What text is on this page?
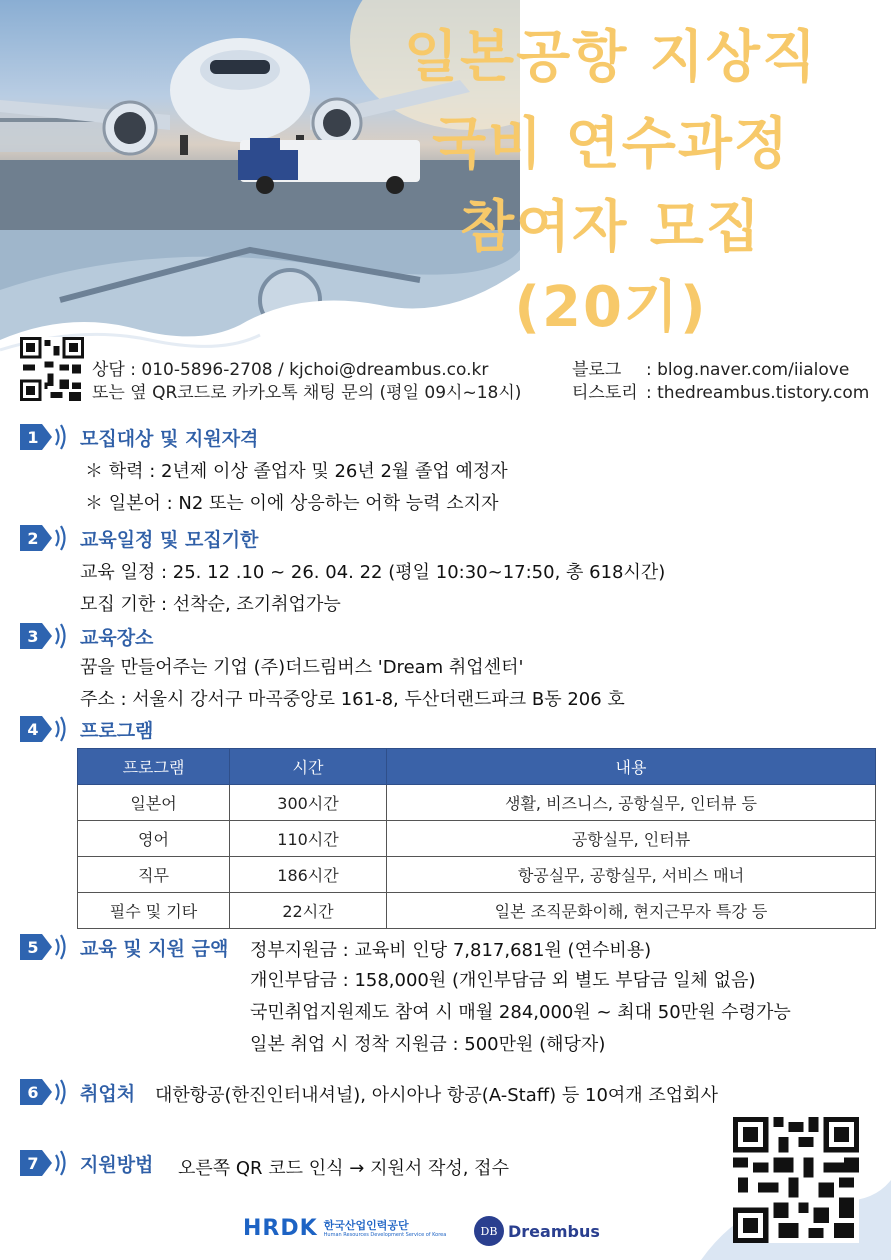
일본공항 지상직
국비 연수과정
참여자 모집
(20기)
상담 : 010-5896-2708 / kjchoi@dreambus.co.kr
또는 옆 QR코드로 카카오톡 채팅 문의 (평일 09시~18시)
블로그 : blog.naver.com/iialove
티스토리 : thedreambus.tistory.com
1 모집대상 및 지원자격
＊ 학력 : 2년제 이상 졸업자 및 26년 2월 졸업 예정자
＊ 일본어 : N2 또는 이에 상응하는 어학 능력 소지자
2 교육일정 및 모집기한
교육 일정 : 25. 12 .10 ~ 26. 04. 22 (평일 10:30~17:50, 총 618시간)
모집 기한 : 선착순, 조기취업가능
3 교육장소
꿈을 만들어주는 기업 (주)더드림버스 'Dream 취업센터'
주소 : 서울시 강서구 마곡중앙로 161-8, 두산더랜드파크 B동 206 호
4 프로그램
프로그램	시간	내용
일본어	300시간	생활, 비즈니스, 공항실무, 인터뷰 등
영어	110시간	공항실무, 인터뷰
직무	186시간	항공실무, 공항실무, 서비스 매너
필수 및 기타	22시간	일본 조직문화이해, 현지근무자 특강 등
5 교육 및 지원 금액 정부지원금 : 교육비 인당 7,817,681원 (연수비용)
개인부담금 : 158,000원 (개인부담금 외 별도 부담금 일체 없음)
국민취업지원제도 참여 시 매월 284,000원 ~ 최대 50만원 수령가능
일본 취업 시 정착 지원금 : 500만원 (해당자)
6 취업처 대한항공(한진인터내셔널), 아시아나 항공(A-Staff) 등 10여개 조업회사
7 지원방법 오른쪽 QR 코드 인식 → 지원서 작성, 접수
HRDK 한국산업인력공단
Human Resources Development Service of Korea	DB Dreambus
